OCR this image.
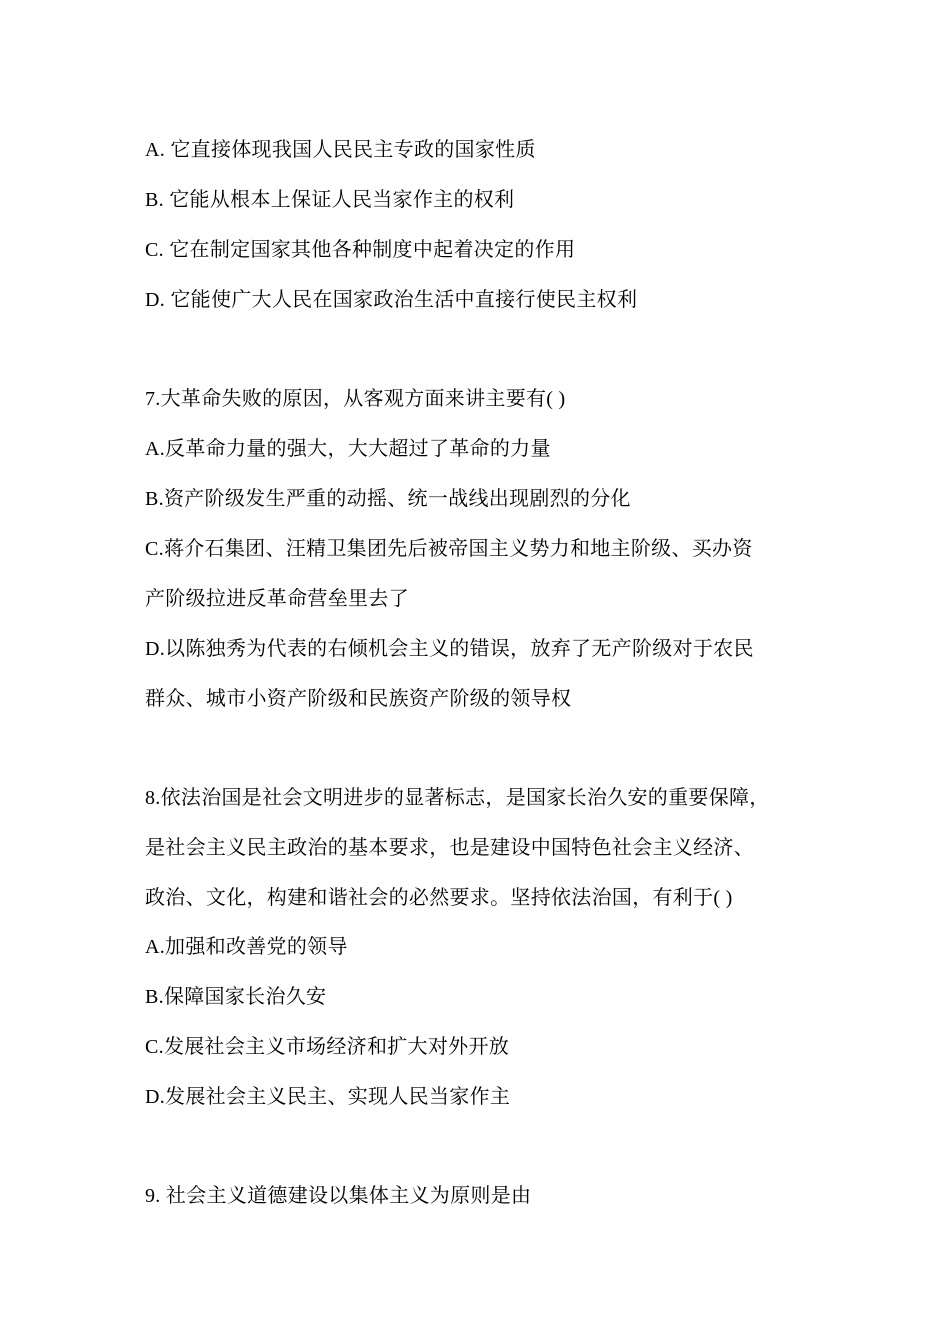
A. 它直接体现我国人民民主专政的国家性质
B. 它能从根本上保证人民当家作主的权利
C. 它在制定国家其他各种制度中起着决定的作用
D. 它能使广大人民在国家政治生活中直接行使民主权利
7.大革命失败的原因，从客观方面来讲主要有( )
A.反革命力量的强大，大大超过了革命的力量
B.资产阶级发生严重的动摇、统一战线出现剧烈的分化
C.蒋介石集团、汪精卫集团先后被帝国主义势力和地主阶级、买办资
产阶级拉进反革命营垒里去了
D.以陈独秀为代表的右倾机会主义的错误，放弃了无产阶级对于农民
群众、城市小资产阶级和民族资产阶级的领导权
8.依法治国是社会文明进步的显著标志，是国家长治久安的重要保障，
是社会主义民主政治的基本要求，也是建设中国特色社会主义经济、
政治、文化，构建和谐社会的必然要求。坚持依法治国，有利于( )
A.加强和改善党的领导
B.保障国家长治久安
C.发展社会主义市场经济和扩大对外开放
D.发展社会主义民主、实现人民当家作主
9. 社会主义道德建设以集体主义为原则是由
